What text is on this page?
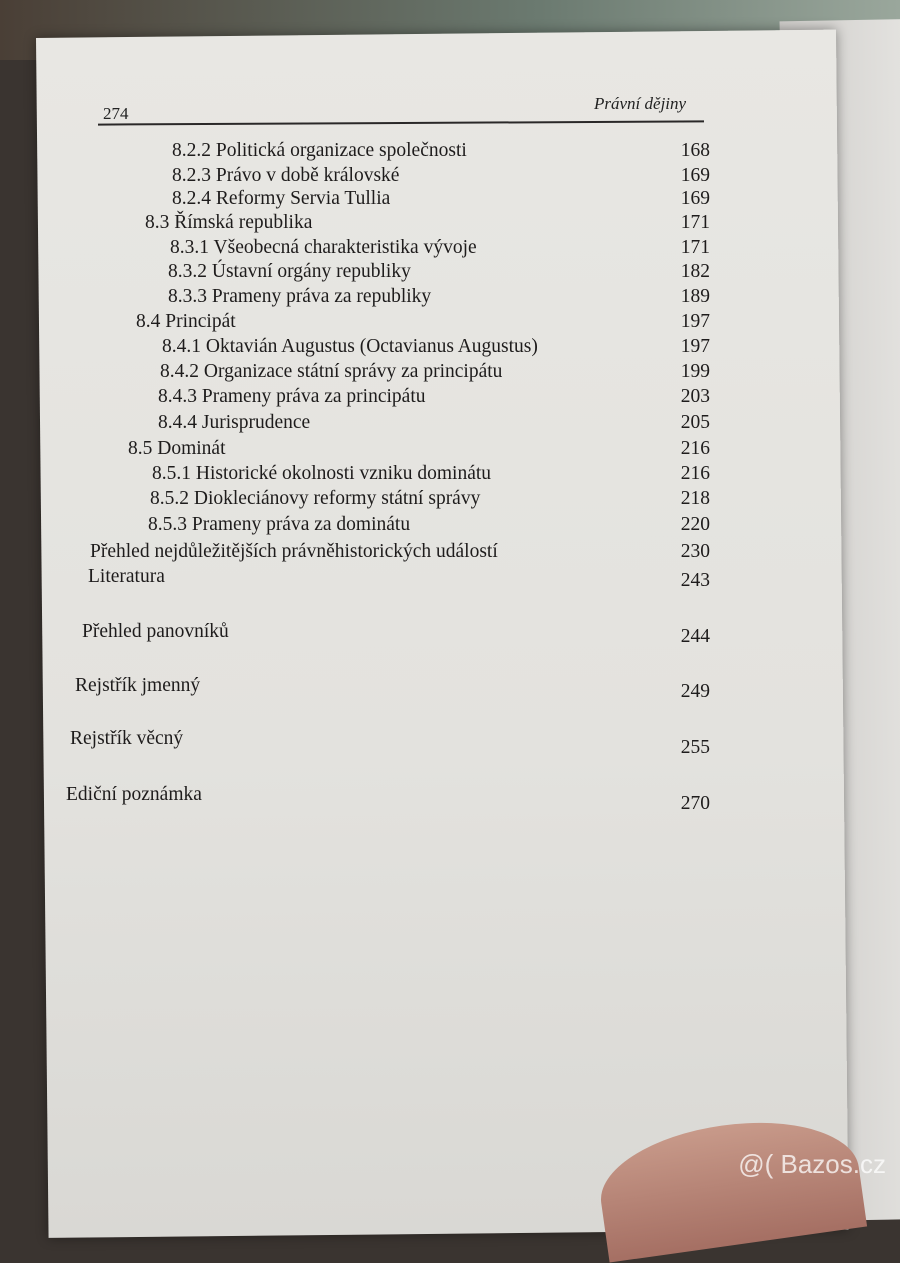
274
Právní dějiny
8.2.2 Politická organizace společnosti	168
8.2.3 Právo v době královské	169
8.2.4 Reformy Servia Tullia	169
8.3 Římská republika	171
8.3.1 Všeobecná charakteristika vývoje	171
8.3.2 Ústavní orgány republiky	182
8.3.3 Prameny práva za republiky	189
8.4 Principát	197
8.4.1 Oktavián Augustus (Octavianus Augustus)	197
8.4.2 Organizace státní správy za principátu	199
8.4.3 Prameny práva za principátu	203
8.4.4 Jurisprudence	205
8.5 Dominát	216
8.5.1 Historické okolnosti vzniku dominátu	216
8.5.2 Diokleciánovy reformy státní správy	218
8.5.3 Prameny práva za dominátu	220
Přehled nejdůležitějších právněhistorických událostí	230
Literatura	243
Přehled panovníků	244
Rejstřík jmenný	249
Rejstřík věcný	255
Ediční poznámka	270
@( Bazos.cz
